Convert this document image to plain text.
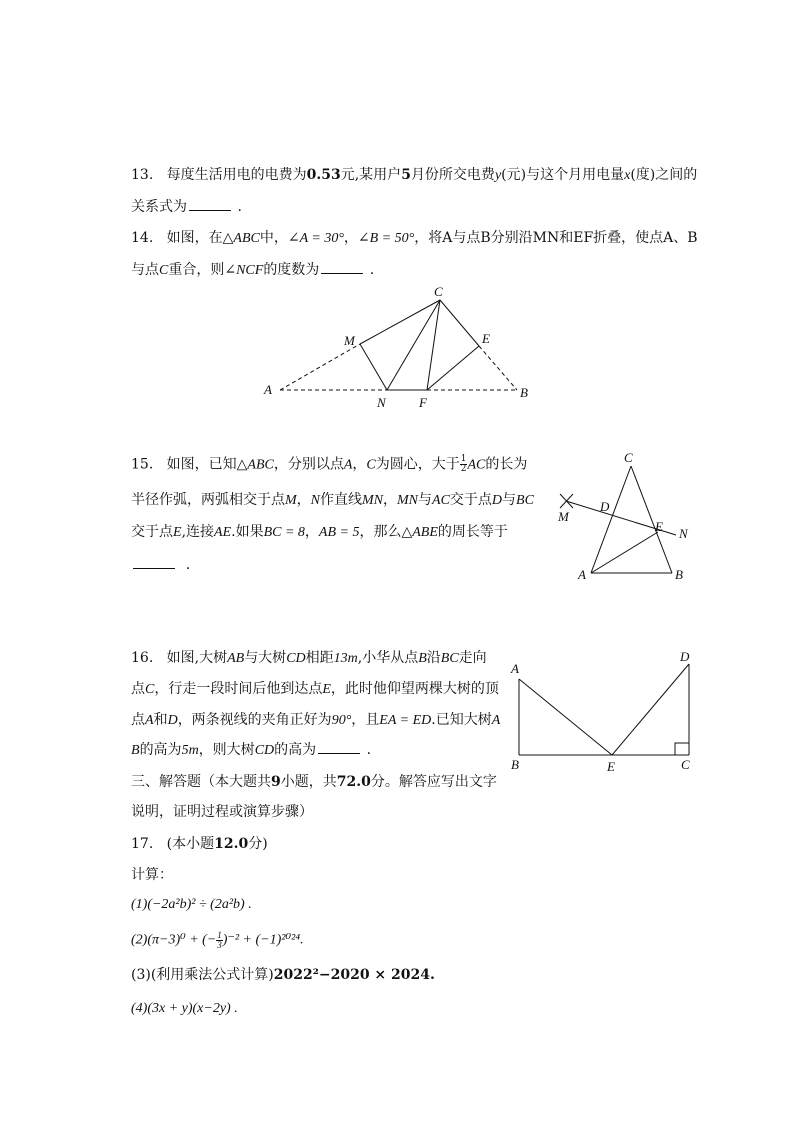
13. 每度生活用电的电费为0.53元,某用户5月份所交电费y(元)与这个月用电量x(度)之间的
关系式为	.
14. 如图，在△ABC中，∠A = 30°，∠B = 50°，将A与点B分别沿MN和EF折叠，使点A、B
与点C重合，则∠NCF的度数为	.
C
M	E
A	B
N	F
15. 如图，已知△ABC，分别以点A，C为圆心，大于 $\frac{1}{2}$ AC的长为
半径作弧，两弧相交于点M，N作直线MN，MN与AC交于点D与BC
交于点E,连接AE.如果BC = 8，AB = 5，那么△ABE的周长等于
.
C
D
E N
M
A	B
16. 如图,大树AB与大树CD相距13m,小华从点B沿BC走向
点C，行走一段时间后他到达点E，此时他仰望两棵大树的顶
点A和D，两条视线的夹角正好为90°，且EA = ED.已知大树A
B的高为5m，则大树CD的高为	.
A
D
B	E	C
三、解答题（本大题共9小题，共72.0分。解答应写出文字
说明，证明过程或演算步骤）
17. (本小题12.0分)
计算：
(1)(−2a²b)² ÷ (2a²b) .
(2)(π−3)⁰ + (− $\frac{1}{3} )^{-2} + (-1)^{2024}$.
(3)(利用乘法公式计算)2022²−2020 × 2024.
(4)(3x + y)(x−2y) .
